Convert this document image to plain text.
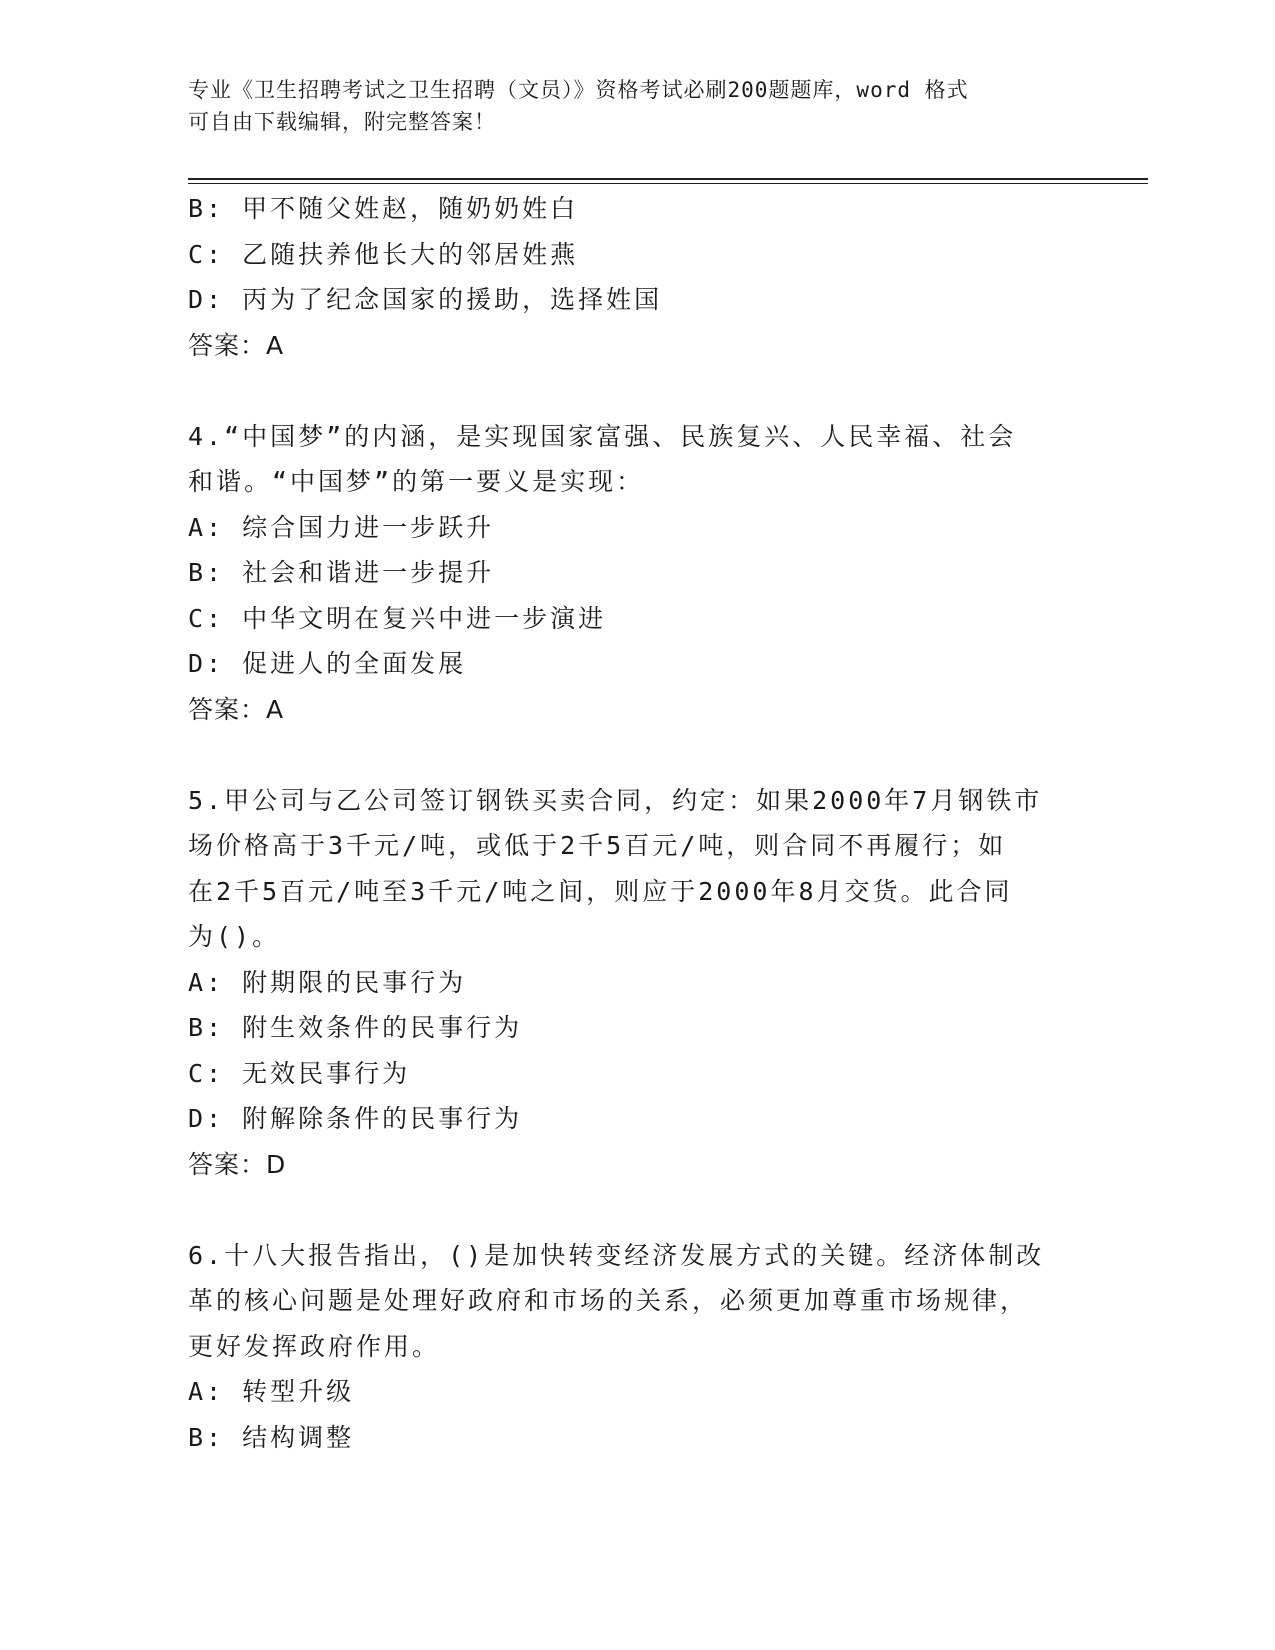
专业《卫生招聘考试之卫生招聘（文员）》资格考试必刷200题题库，word 格式
可自由下载编辑，附完整答案！
B: 甲不随父姓赵，随奶奶姓白
C: 乙随扶养他长大的邻居姓燕
D: 丙为了纪念国家的援助，选择姓国
答案：A
4.“中国梦”的内涵，是实现国家富强、民族复兴、人民幸福、社会
和谐。“中国梦”的第一要义是实现：
A: 综合国力进一步跃升
B: 社会和谐进一步提升
C: 中华文明在复兴中进一步演进
D: 促进人的全面发展
答案：A
5.甲公司与乙公司签订钢铁买卖合同，约定：如果2000年7月钢铁市
场价格高于3千元/吨，或低于2千5百元/吨，则合同不再履行；如
在2千5百元/吨至3千元/吨之间，则应于2000年8月交货。此合同
为()。
A: 附期限的民事行为
B: 附生效条件的民事行为
C: 无效民事行为
D: 附解除条件的民事行为
答案：D
6.十八大报告指出，()是加快转变经济发展方式的关键。经济体制改
革的核心问题是处理好政府和市场的关系，必须更加尊重市场规律，
更好发挥政府作用。
A: 转型升级
B: 结构调整
